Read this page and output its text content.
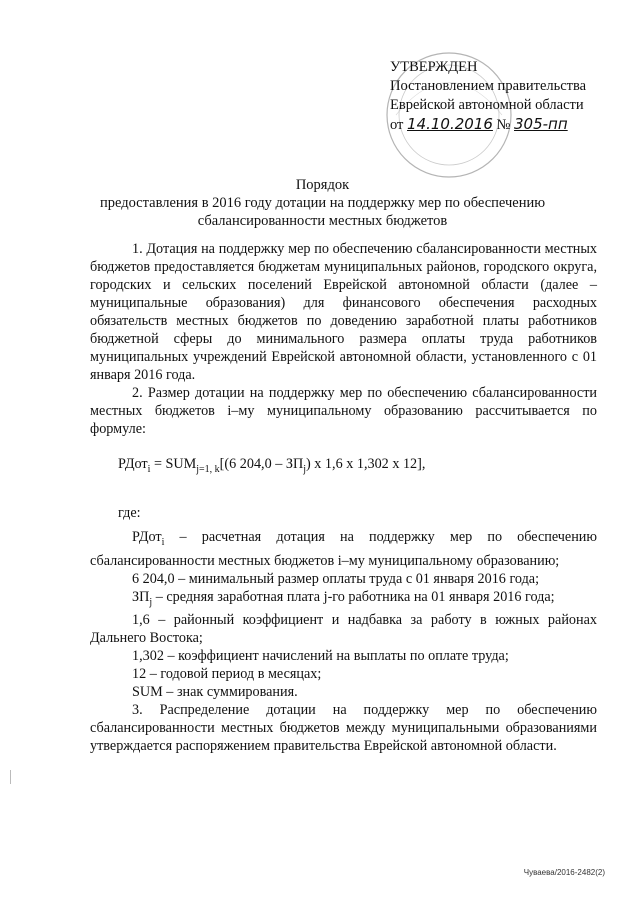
УТВЕРЖДЕН
Постановлением правительства
Еврейской автономной области
от 14.10.2016 № 305-пп
Порядок
предоставления в 2016 году дотации на поддержку мер по обеспечению
сбалансированности местных бюджетов

1. Дотация на поддержку мер по обеспечению сбалансированности местных бюджетов предоставляется бюджетам муниципальных районов, городского округа, городских и сельских поселений Еврейской автономной области (далее – муниципальные образования) для финансового обеспечения расходных обязательств местных бюджетов по доведению заработной платы работников бюджетной сферы до минимального размера оплаты труда работников муниципальных учреждений Еврейской автономной области, установленного с 01 января 2016 года.

2. Размер дотации на поддержку мер по обеспечению сбалансированности местных бюджетов i–му муниципальному образованию рассчитывается по формуле:

РДот$_i$ = $SUM_{j=1, k}[(6$ $204,0 - ЗП_j$) x 1,6 x 1,302 x 12],

где:

РДот$_i$ – расчетная дотация на поддержку мер по обеспечению сбалансированности местных бюджетов i–му муниципальному образованию;

6 204,0 – минимальный размер оплаты труда с 01 января 2016 года;

$ЗП_j$ – средняя заработная плата j-го работника на 01 января 2016 года;

1,6 – районный коэффициент и надбавка за работу в южных районах Дальнего Востока;

1,302 – коэффициент начислений на выплаты по оплате труда;

12 – годовой период в месяцах;

SUM – знак суммирования.

3. Распределение дотации на поддержку мер по обеспечению сбалансированности местных бюджетов между муниципальными образованиями утверждается распоряжением правительства Еврейской автономной области.

Чуваева/2016-2482(2)
